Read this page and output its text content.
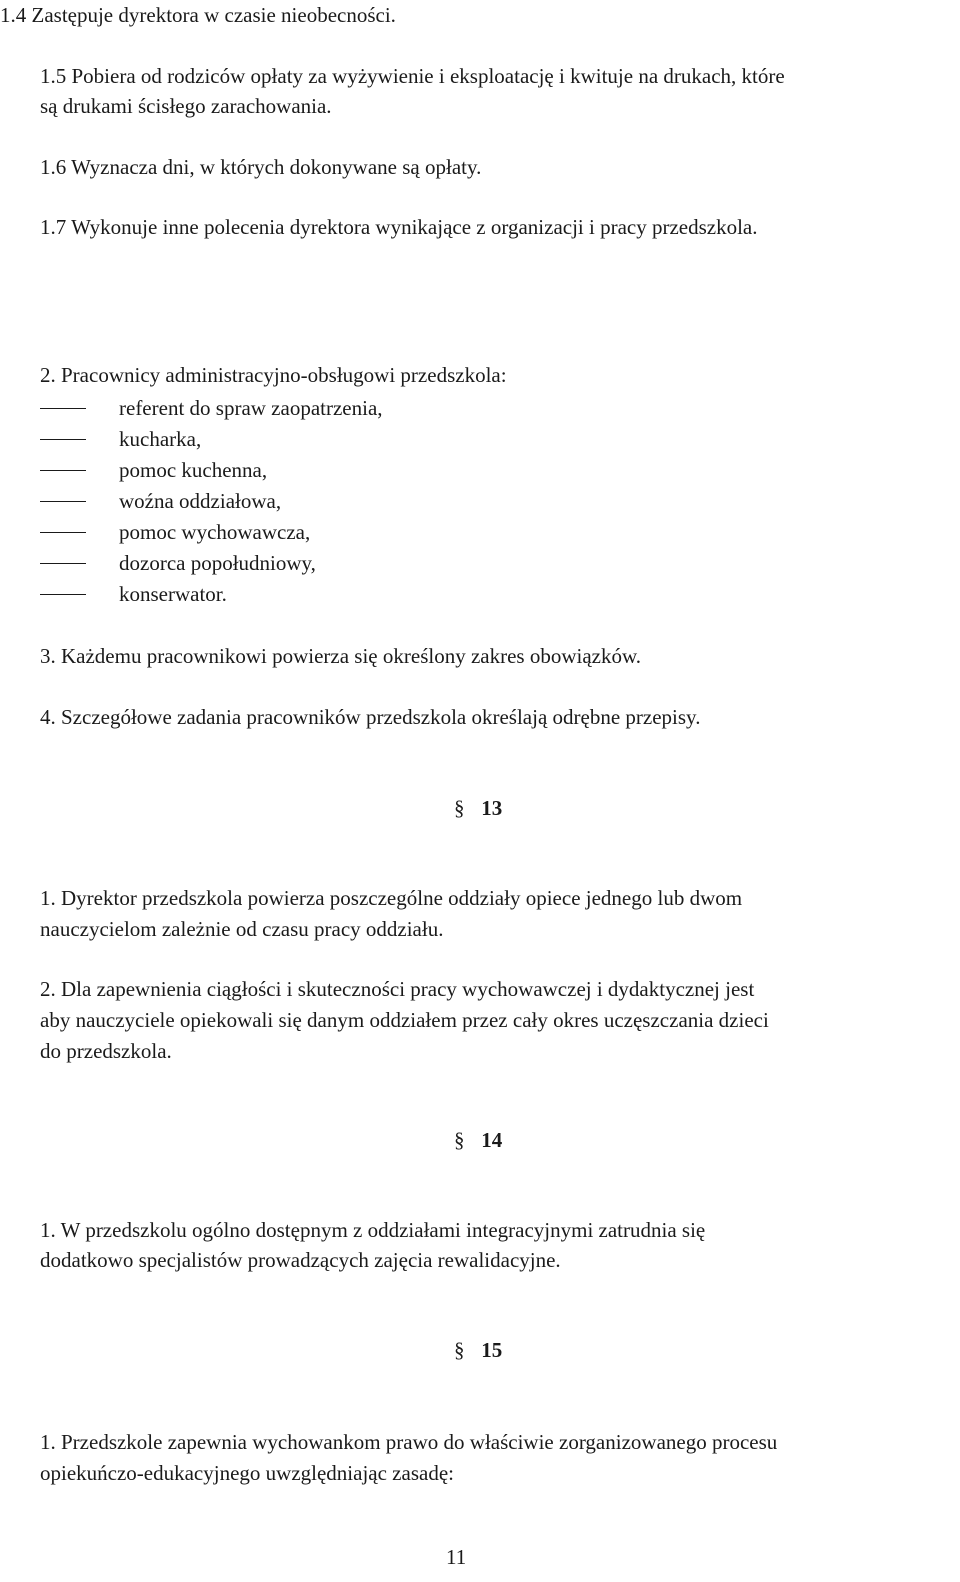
1.4 Zastępuje dyrektora w czasie nieobecności.
1.5 Pobiera od rodziców opłaty za wyżywienie i eksploatację i kwituje na drukach, które
są drukami ścisłego zarachowania.
1.6 Wyznacza dni, w których dokonywane są opłaty.
1.7 Wykonuje inne polecenia dyrektora wynikające z organizacji i pracy przedszkola.
2. Pracownicy administracyjno-obsługowi przedszkola:
referent do spraw zaopatrzenia,
kucharka,
pomoc kuchenna,
woźna oddziałowa,
pomoc wychowawcza,
dozorca popołudniowy,
konserwator.
3. Każdemu pracownikowi powierza się określony zakres obowiązków.
4. Szczegółowe zadania pracowników przedszkola określają odrębne przepisy.
§ 13
1. Dyrektor przedszkola powierza poszczególne oddziały opiece jednego lub dwom
nauczycielom zależnie od czasu pracy oddziału.
2. Dla zapewnienia ciągłości i skuteczności pracy wychowawczej i dydaktycznej jest
aby nauczyciele opiekowali się danym oddziałem przez cały okres uczęszczania dzieci
do przedszkola.
§ 14
1. W przedszkolu ogólno dostępnym z oddziałami integracyjnymi zatrudnia się
dodatkowo specjalistów prowadzących zajęcia rewalidacyjne.
§ 15
1. Przedszkole zapewnia wychowankom prawo do właściwie zorganizowanego procesu
opiekuńczo-edukacyjnego uwzględniając zasadę:
11
